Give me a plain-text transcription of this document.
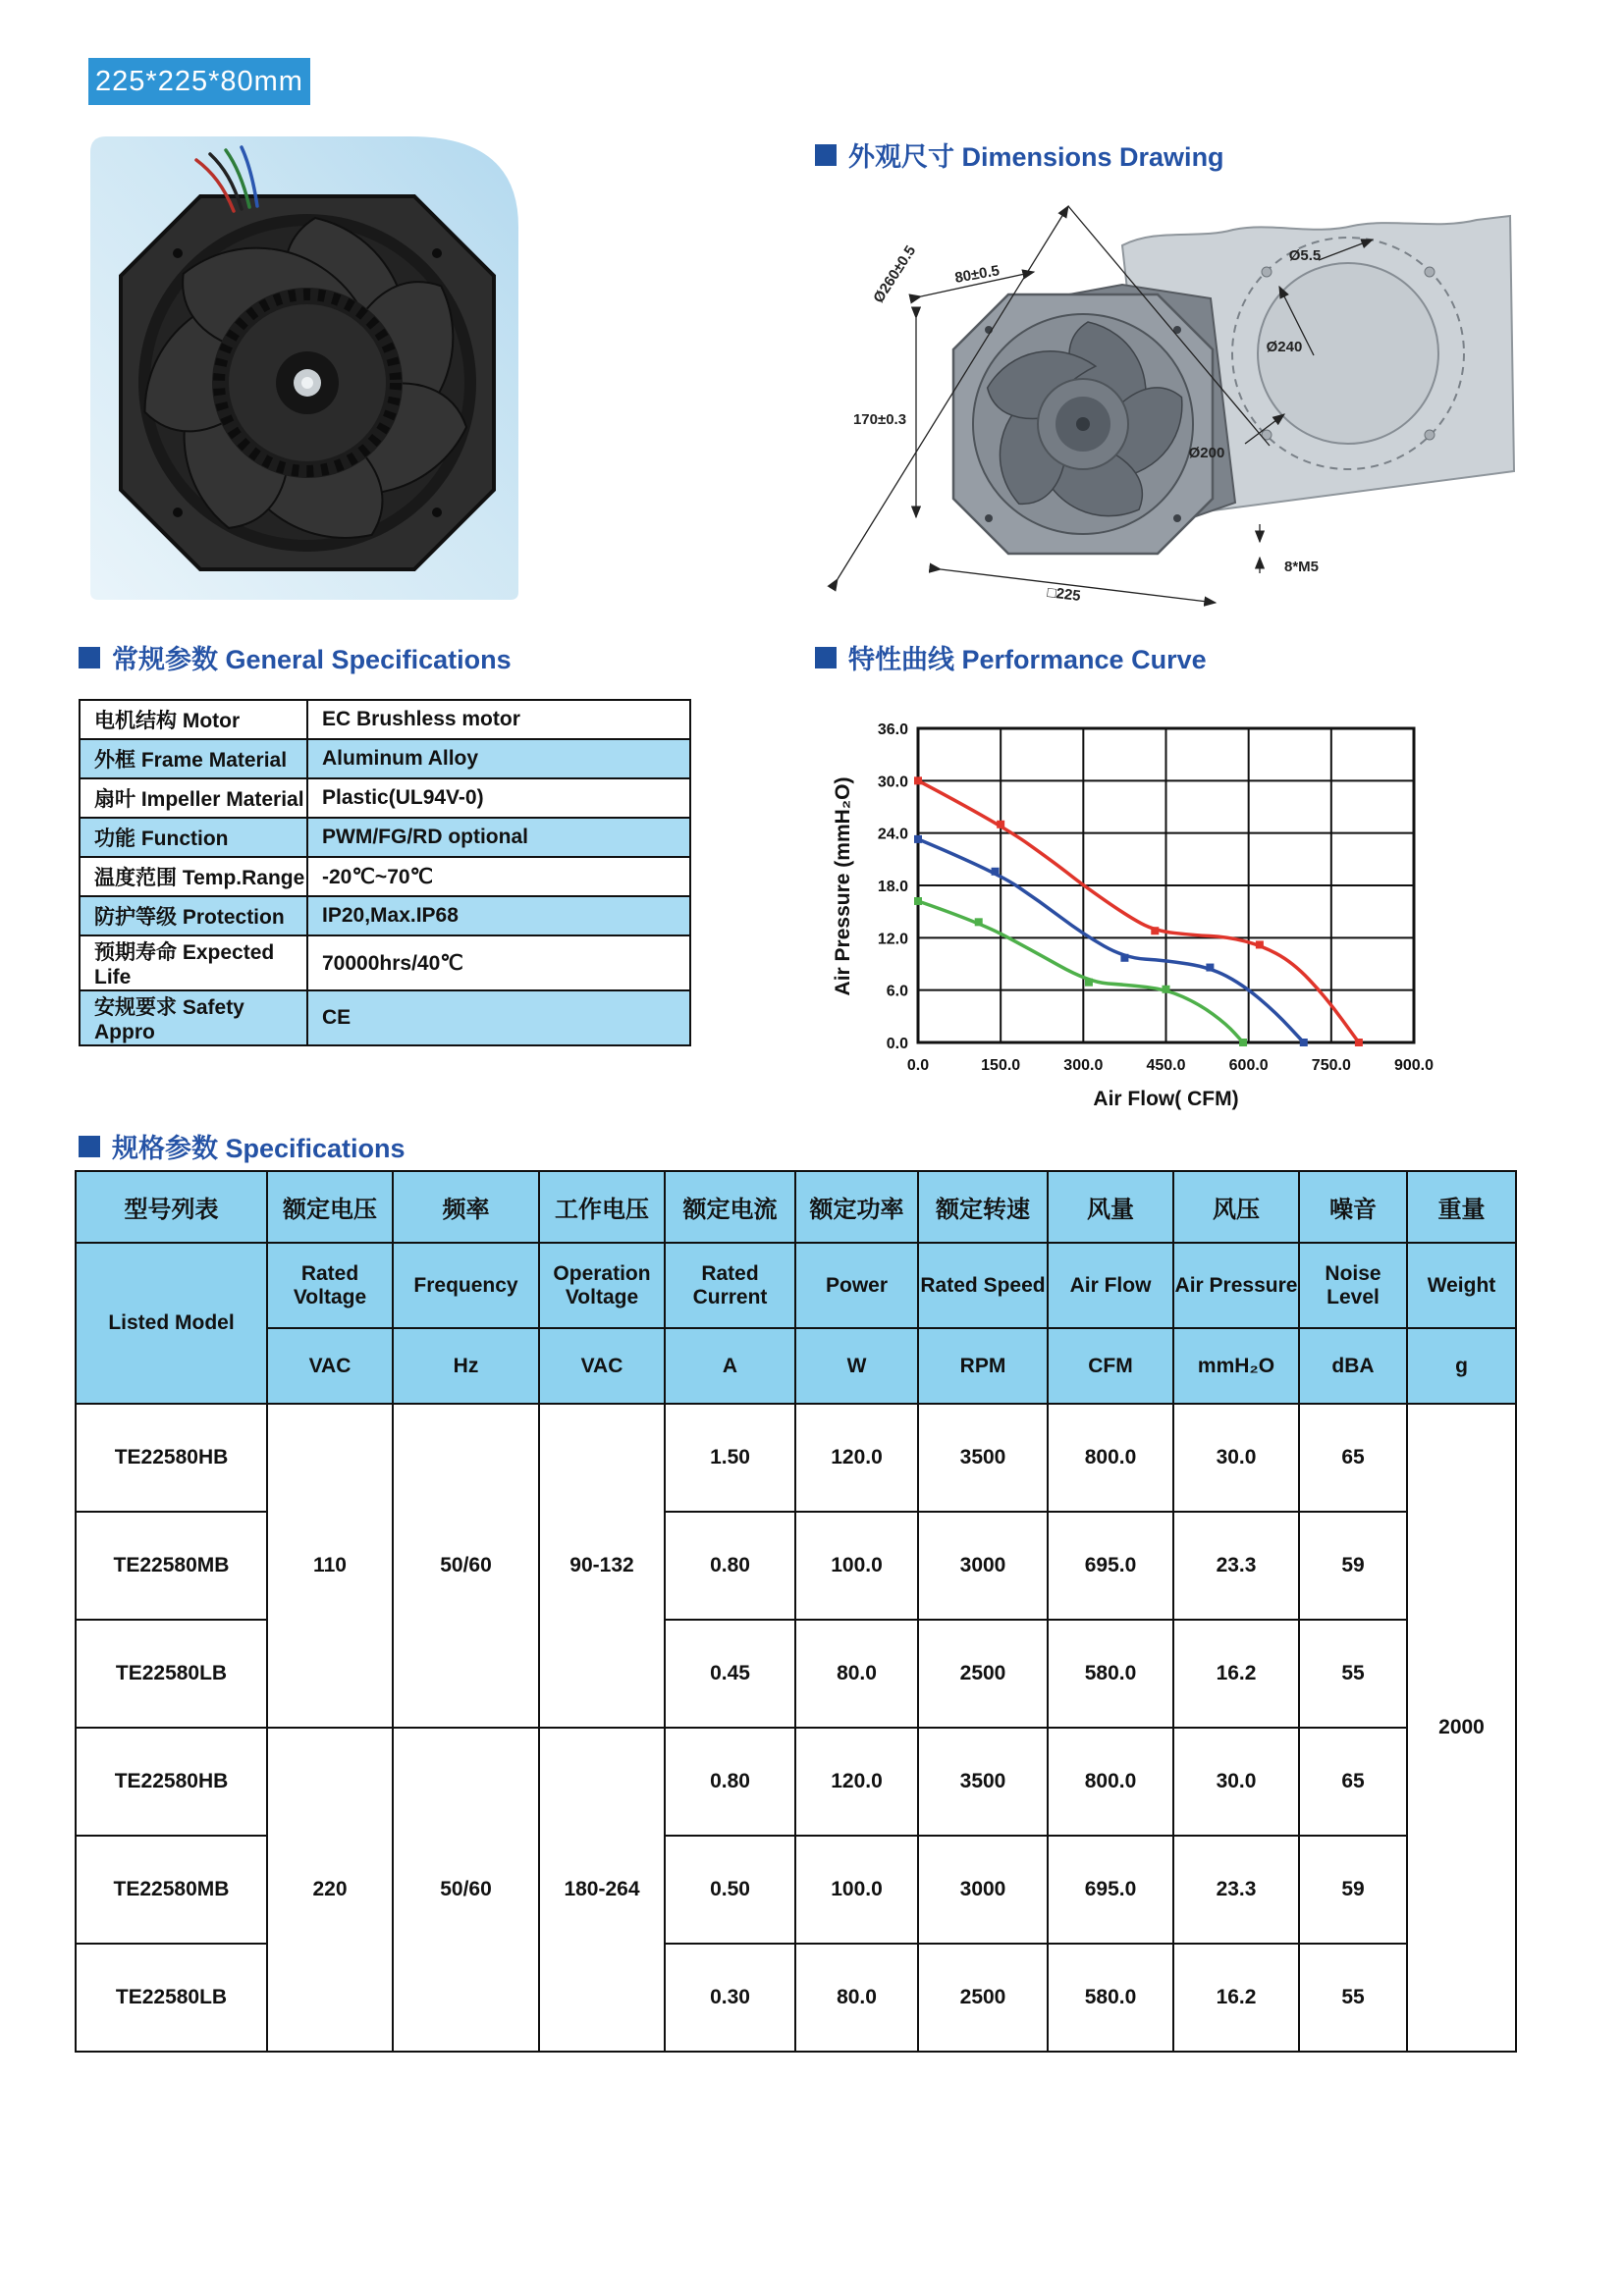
225*225*80mm
外观尺寸 Dimensions Drawing
Ø260±0.5 80±0.5
170±0.3
Ø5.5
Ø200
Ø240
8*M5
□225
常规参数 General Specifications
电机结构 Motor	EC Brushless motor
外框 Frame Material	Aluminum Alloy
扇叶 Impeller Material	Plastic(UL94V-0)
功能 Function	PWM/FG/RD optional
温度范围 Temp.Range	-20℃~70℃
防护等级 Protection	IP20,Max.IP68
预期寿命 Expected Life	70000hrs/40℃
安规要求 Safety Appro	CE
特性曲线 Performance Curve
Air Pressure (mmH₂O)
0.0	150.0	300.0	450.0	600.0	750.0	900.0
0.0
6.0
12.0
18.0
24.0
30.0
36.0
Air Flow( CFM)
规格参数 Specifications
型号列表	额定电压	频率	工作电压	额定电流	额定功率	额定转速	风量	风压	噪音	重量
Listed Model	Rated Voltage	Frequency	Operation Voltage	Rated Current	Power	Rated Speed	Air Flow	Air Pressure	Noise Level	Weight
	VAC	Hz	VAC	A	W	RPM	CFM	mmH₂O	dBA	g
TE22580HB	110	50/60	90-132	1.50	120.0	3500	800.0	30.0	65	2000
TE22580MB				0.80	100.0	3000	695.0	23.3	59	
TE22580LB				0.45	80.0	2500	580.0	16.2	55	
TE22580HB	220	50/60	180-264	0.80	120.0	3500	800.0	30.0	65	
TE22580MB				0.50	100.0	3000	695.0	23.3	59	
TE22580LB				0.30	80.0	2500	580.0	16.2	55	
